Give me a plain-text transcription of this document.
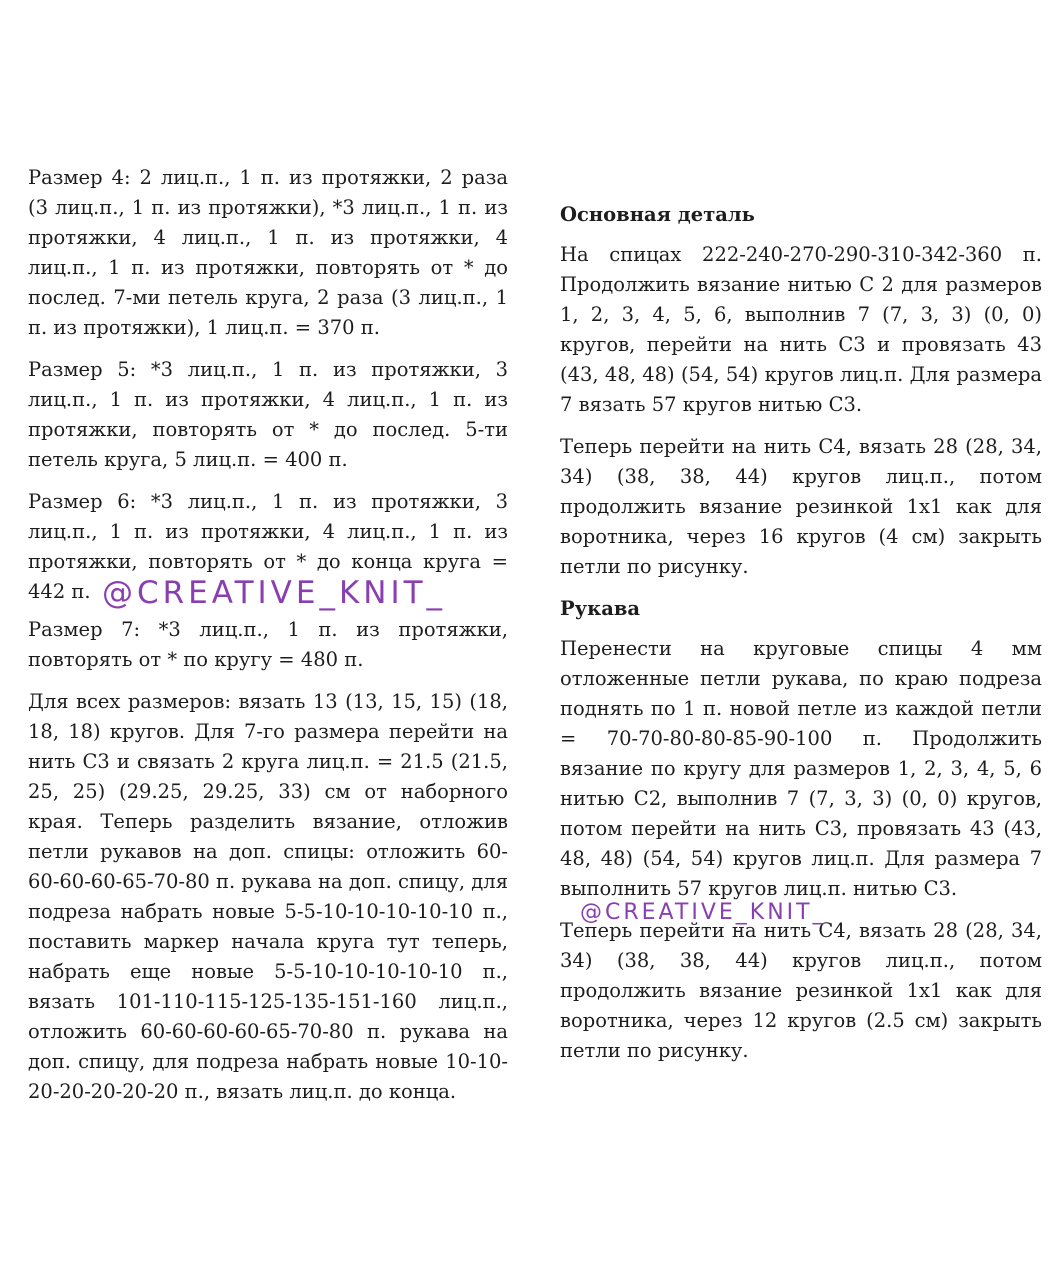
Размер 4: 2 лиц.п., 1 п. из протяжки, 2 раза (3 лиц.п., 1 п. из протяжки), *3 лиц.п., 1 п. из протяжки, 4 лиц.п., 1 п. из протяжки, 4 лиц.п., 1 п. из протяжки, повторять от * до послед. 7-ми петель круга, 2 раза (3 лиц.п., 1 п. из протяжки), 1 лиц.п. = 370 п.

Размер 5: *3 лиц.п., 1 п. из протяжки, 3 лиц.п., 1 п. из протяжки, 4 лиц.п., 1 п. из протяжки, повторять от * до послед. 5-ти петель круга, 5 лиц.п. = 400 п.

Размер 6: *3 лиц.п., 1 п. из протяжки, 3 лиц.п., 1 п. из протяжки, 4 лиц.п., 1 п. из протяжки, повторять от * до конца круга = 442 п.

Размер 7: *3 лиц.п., 1 п. из протяжки, повторять от * по кругу = 480 п.

Для всех размеров: вязать 13 (13, 15, 15) (18, 18, 18) кругов. Для 7-го размера перейти на нить С3 и связать 2 круга лиц.п. = 21.5 (21.5, 25, 25) (29.25, 29.25, 33) см от наборного края. Теперь разделить вязание, отложив петли рукавов на доп. спицы: отложить 60-60-60-60-65-70-80 п. рукава на доп. спицу, для подреза набрать новые 5-5-10-10-10-10-10 п., поставить маркер начала круга тут теперь, набрать еще новые 5-5-10-10-10-10-10 п., вязать 101-110-115-125-135-151-160 лиц.п., отложить 60-60-60-60-65-70-80 п. рукава на доп. спицу, для подреза набрать новые 10-10-20-20-20-20-20 п., вязать лиц.п. до конца.

Основная деталь

На спицах 222-240-270-290-310-342-360 п. Продолжить вязание нитью С 2 для размеров 1, 2, 3, 4, 5, 6, выполнив 7 (7, 3, 3) (0, 0) кругов, перейти на нить С3 и провязать 43 (43, 48, 48) (54, 54) кругов лиц.п. Для размера 7 вязать 57 кругов нитью С3.

Теперь перейти на нить С4, вязать 28 (28, 34, 34) (38, 38, 44) кругов лиц.п., потом продолжить вязание резинкой 1х1 как для воротника, через 16 кругов (4 см) закрыть петли по рисунку.

Рукава

Перенести на круговые спицы 4 мм отложенные петли рукава, по краю подреза поднять по 1 п. новой петле из каждой петли = 70-70-80-80-85-90-100 п. Продолжить вязание по кругу для размеров 1, 2, 3, 4, 5, 6 нитью С2, выполнив 7 (7, 3, 3) (0, 0) кругов, потом перейти на нить С3, провязать 43 (43, 48, 48) (54, 54) кругов лиц.п. Для размера 7 выполнить 57 кругов лиц.п. нитью С3.

Теперь перейти на нить С4, вязать 28 (28, 34, 34) (38, 38, 44) кругов лиц.п., потом продолжить вязание резинкой 1х1 как для воротника, через 12 кругов (2.5 см) закрыть петли по рисунку.

@CREATIVE_KNIT_
@CREATIVE_KNIT_
